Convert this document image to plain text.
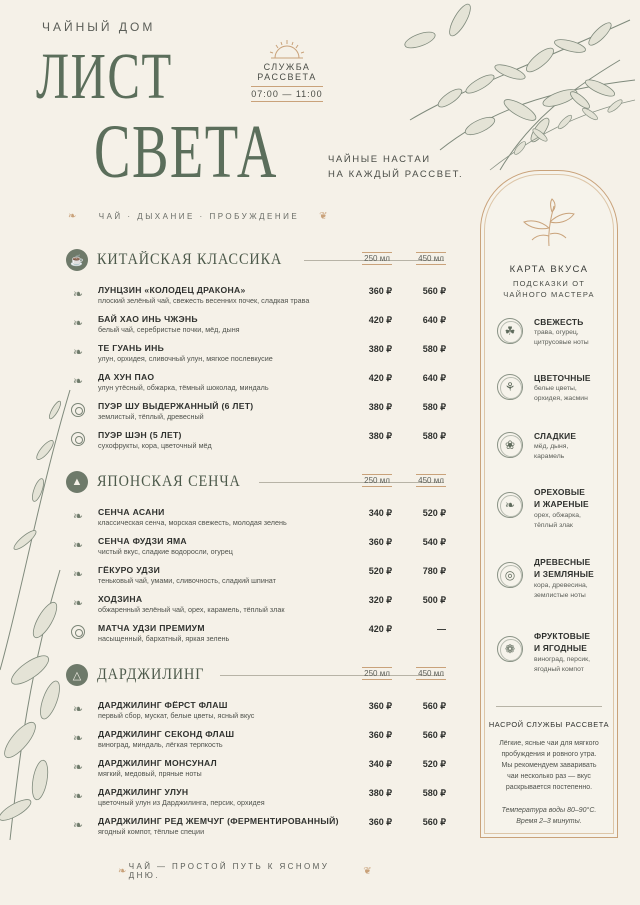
ЧАЙНЫЙ ДОМ
ЛИСТ
СВЕТА
СЛУЖБА РАССВЕТА
07:00 — 11:00
ЧАЙНЫЕ НАСТАИ
НА КАЖДЫЙ РАССВЕТ.
❧ ЧАЙ · ДЫХАНИЕ · ПРОБУЖДЕНИЕ ❦
☕ КИТАЙСКАЯ КЛАССИКА	250 мл	450 мл
❧ ЛУНЦЗИН «КОЛОДЕЦ ДРАКОНА»
плоский зелёный чай, свежесть весенних почек, сладкая трава
360 ₽	560 ₽
❧ БАЙ ХАО ИНЬ ЧЖЭНЬ
белый чай, серебристые почки, мёд, дыня
420 ₽	640 ₽
❧ ТЕ ГУАНЬ ИНЬ
улун, орхидея, сливочный улун, мягкое послевкусие
380 ₽	580 ₽
❧ ДА ХУН ПАО
улун утёсный, обжарка, тёмный шоколад, миндаль
420 ₽	640 ₽
ПУЭР ШУ ВЫДЕРЖАННЫЙ (6 ЛЕТ)
землистый, тёплый, древесный
380 ₽	580 ₽
ПУЭР ШЭН (5 ЛЕТ)
сухофрукты, кора, цветочный мёд
380 ₽	580 ₽
▲ ЯПОНСКАЯ СЕНЧА	250 мл	450 мл
❧ СЕНЧА АСАНИ
классическая сенча, морская свежесть, молодая зелень
340 ₽	520 ₽
❧ СЕНЧА ФУДЗИ ЯМА
чистый вкус, сладкие водоросли, огурец
360 ₽	540 ₽
❧ ГЁКУРО УДЗИ
теньковый чай, умами, сливочность, сладкий шпинат
520 ₽	780 ₽
❧ ХОДЗИНА
обжаренный зелёный чай, орех, карамель, тёплый злак
320 ₽	500 ₽
МАТЧА УДЗИ ПРЕМИУМ
насыщенный, бархатный, яркая зелень
420 ₽	—
△	ДАРДЖИЛИНГ	250 мл	450 мл
❧ ДАРДЖИЛИНГ ФЁРСТ ФЛАШ
первый сбор, мускат, белые цветы, ясный вкус
360 ₽	560 ₽
❧ ДАРДЖИЛИНГ СЕКОНД ФЛАШ
виноград, миндаль, лёгкая терпкость
360 ₽	560 ₽
❧ ДАРДЖИЛИНГ МОНСУНАЛ
мягкий, медовый, пряные ноты
340 ₽	520 ₽
❧ ДАРДЖИЛИНГ УЛУН
цветочный улун из Дарджилинга, персик, орхидея
380 ₽	580 ₽
❧ ДАРДЖИЛИНГ РЕД ЖЕМЧУГ (ФЕРМЕНТИРОВАННЫЙ)
ягодный компот, тёплые специи
360 ₽	560 ₽
❧ ЧАЙ — ПРОСТОЙ ПУТЬ К ЯСНОМУ ДНЮ.	❦
КАРТА ВКУСА
ПОДСКАЗКИ ОТ
ЧАЙНОГО МАСТЕРА
НАСРОЙ СЛУЖБЫ РАССВЕТА
Лёгкие, ясные чаи для мягкого
пробуждения и ровного утра.
Мы рекомендуем заваривать
чаи несколько раз — вкус
раскрывается постепенно.
Температура воды 80–90°С.
Время 2–3 минуты.
☘
СВЕЖЕСТЬ
трава, огурец,
цитрусовые ноты
⚘
ЦВЕТОЧНЫЕ
белые цветы,
орхидея, жасмин
❀
СЛАДКИЕ
мёд, дыня,
карамель
❧
ОРЕХОВЫЕ
И ЖАРЕНЫЕ
орех, обжарка,
тёплый злак
◎
ДРЕВЕСНЫЕ
И ЗЕМЛЯНЫЕ
кора, древесина,
землистые ноты
❁
ФРУКТОВЫЕ
И ЯГОДНЫЕ
виноград, персик,
ягодный компот
